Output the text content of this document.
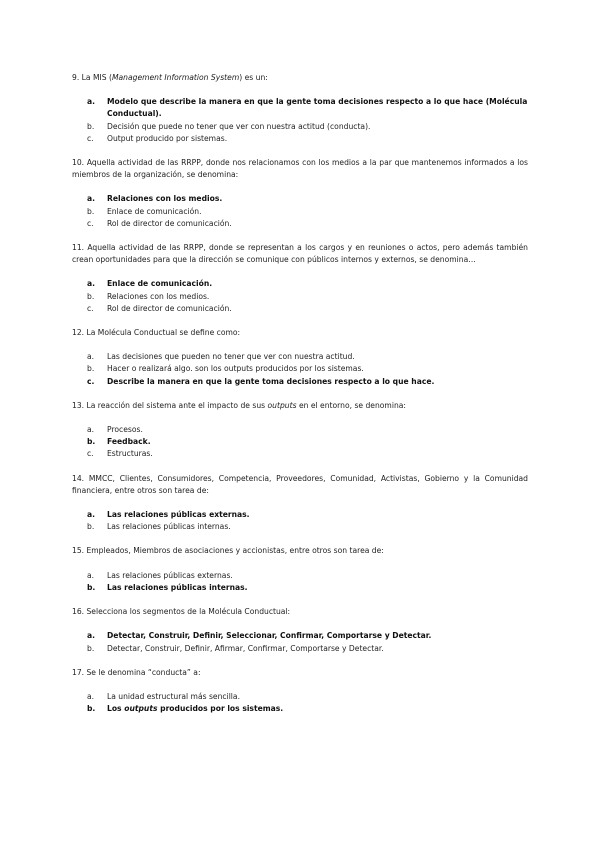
9. La MIS (Management Information System) es un:

a.	Modelo que describe la manera en que la gente toma decisiones respecto a lo que hace (Molécula Conductual).
b.	Decisión que puede no tener que ver con nuestra actitud (conducta).
c.	Output producido por sistemas.

10. Aquella actividad de las RRPP, donde nos relacionamos con los medios a la par que mantenemos informados a los miembros de la organización, se denomina:

a.	Relaciones con los medios.
b.	Enlace de comunicación.
c.	Rol de director de comunicación.

11. Aquella actividad de las RRPP, donde se representan a los cargos y en reuniones o actos, pero además también crean oportunidades para que la dirección se comunique con públicos internos y externos, se denomina…

a.	Enlace de comunicación.
b.	Relaciones con los medios.
c.	Rol de director de comunicación.

12. La Molécula Conductual se define como:

a.	Las decisiones que pueden no tener que ver con nuestra actitud.
b.	Hacer o realizará algo. son los outputs producidos por los sistemas.
c.	Describe la manera en que la gente toma decisiones respecto a lo que hace.

13. La reacción del sistema ante el impacto de sus outputs en el entorno, se denomina:

a.	Procesos.
b.	Feedback.
c.	Estructuras.

14. MMCC, Clientes, Consumidores, Competencia, Proveedores, Comunidad, Activistas, Gobierno y la Comunidad financiera, entre otros son tarea de:

a.	Las relaciones públicas externas.
b.	Las relaciones públicas internas.

15. Empleados, Miembros de asociaciones y accionistas, entre otros son tarea de:

a.	Las relaciones públicas externas.
b.	Las relaciones públicas internas.

16. Selecciona los segmentos de la Molécula Conductual:

a.	Detectar, Construir, Definir, Seleccionar, Confirmar, Comportarse y Detectar.
b.	Detectar, Construir, Definir, Afirmar, Confirmar, Comportarse y Detectar.

17. Se le denomina “conducta” a:

a.	La unidad estructural más sencilla.
b.	Los outputs producidos por los sistemas.
